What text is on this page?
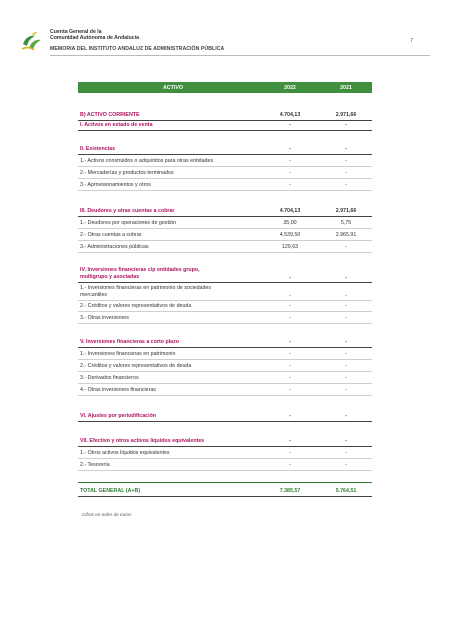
Cuenta General de la
Comunidad Autónoma de Andalucía
MEMORIA DEL INSTITUTO ANDALUZ DE ADMINISTRACIÓN PÚBLICA
7
ACTIVO	2022	2021
B) ACTIVO CORRIENTE	4.704,13	2.971,66
I. Activos en estado de venta	-	-
II. Existencias	-	-
1.- Activos construidos o adquiridos para otras entidades	-	-
2.- Mercaderías y productos terminados	-	-
3.- Aprovisionamientos y otros	-	-
III. Deudores y otras cuentas a cobrar	4.704,13	2.971,66
1.- Deudores por operaciones de gestión	35,00	5,75
2.- Otras cuentas a cobrar	4.539,50	2.965,91
3.- Administraciones públicas	129,63	-
IV. Inversiones financieras c/p entidades grupo,
multigrupo y asociadas	-	-
1.- Inversiones financieras en patrimonio de sociedades
mercantiles	-	-
2.- Créditos y valores representativos de deuda	-	-
3.- Otras inversiones	-	-
V. Inversiones financieras a corto plazo	-	-
1.- Inversiones financieras en patrimonio	-	-
2.- Créditos y valores representativos de deuda	-	-
3.- Derivados financieros	-	-
4.- Otras inversiones financieras	-	-
VI. Ajustes por periodificación	-	-
VII. Efectivo y otros activos líquidos equivalentes	-	-
1.- Otros activos líquidos equivalentes	-	-
2.- Tesorería	-	-
TOTAL GENERAL (A+B)	7.385,57	5.764,51
Cifras en miles de euros
